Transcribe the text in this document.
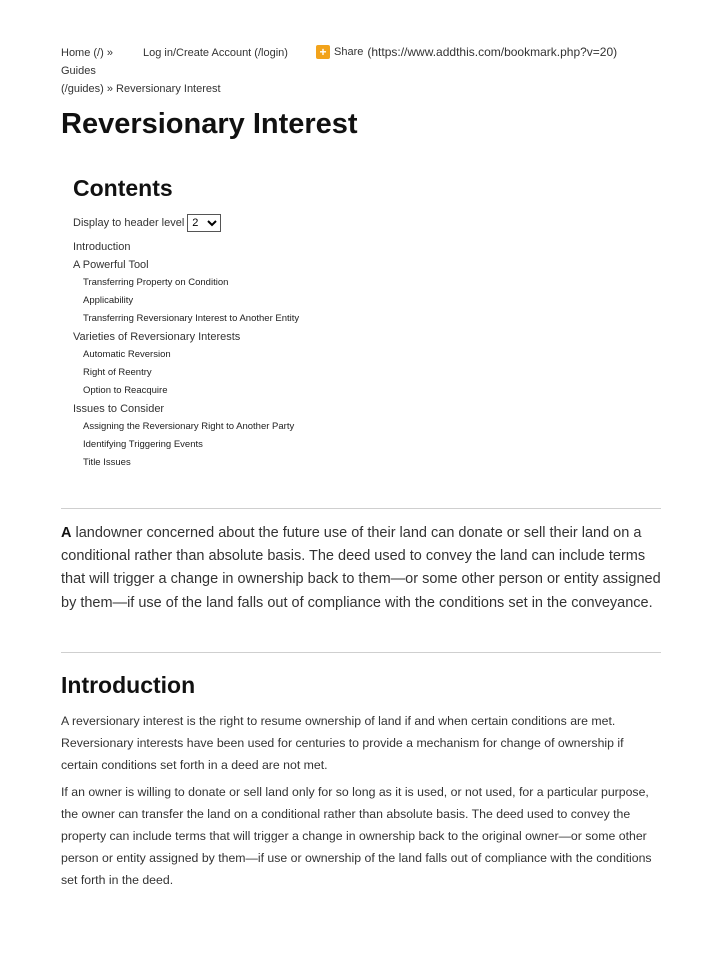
Home (/) »
Guides
(/guides) » Reversionary Interest
Log in/Create Account (/login)	+ Share (https://www.addthis.com/bookmark.php?v=20)
Reversionary Interest
Contents
Display to header level
2
Introduction
A Powerful Tool
Transferring Property on Condition
Applicability
Transferring Reversionary Interest to Another Entity
Varieties of Reversionary Interests
Automatic Reversion
Right of Reentry
Option to Reacquire
Issues to Consider
Assigning the Reversionary Right to Another Party
Identifying Triggering Events
Title Issues

A landowner concerned about the future use of their land can donate or sell their land on a conditional rather than absolute basis. The deed used to convey the land can include terms that will trigger a change in ownership back to them—or some other person or entity assigned by them—if use of the land falls out of compliance with the conditions set in the conveyance.

Introduction

A reversionary interest is the right to resume ownership of land if and when certain conditions are met. Reversionary interests have been used for centuries to provide a mechanism for change of ownership if certain conditions set forth in a deed are not met.

If an owner is willing to donate or sell land only for so long as it is used, or not used, for a particular purpose, the owner can transfer the land on a conditional rather than absolute basis. The deed used to convey the property can include terms that will trigger a change in ownership back to the original owner—or some other person or entity assigned by them—if use or ownership of the land falls out of compliance with the conditions set forth in the deed.
